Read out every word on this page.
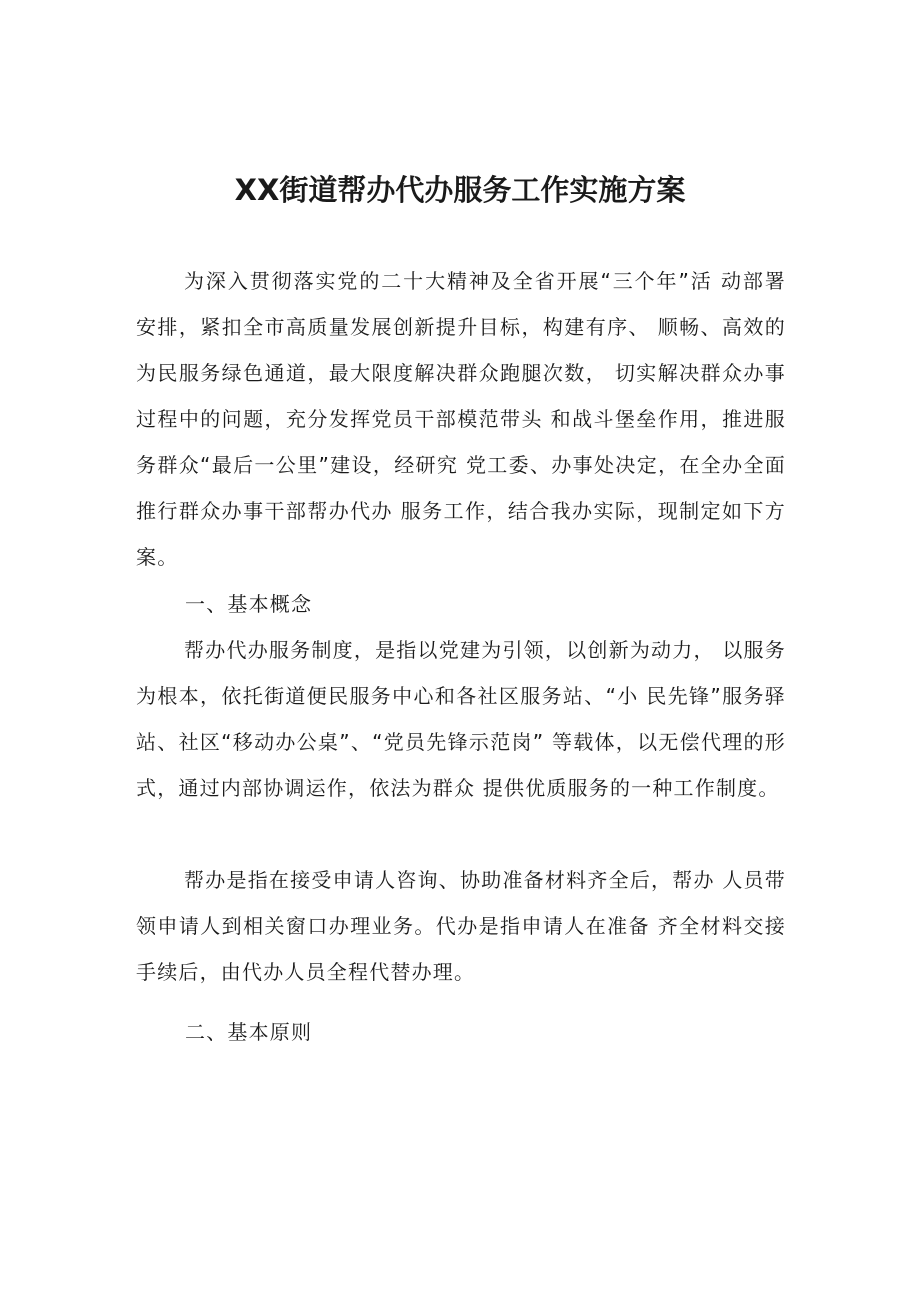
XX街道帮办代办服务工作实施方案

为深入贯彻落实党的二十大精神及全省开展“三个年”活 动部署安排，紧扣全市高质量发展创新提升目标，构建有序、 顺畅、高效的为民服务绿色通道，最大限度解决群众跑腿次数， 切实解决群众办事过程中的问题，充分发挥党员干部模范带头 和战斗堡垒作用，推进服务群众“最后一公里”建设，经研究 党工委、办事处决定，在全办全面推行群众办事干部帮办代办 服务工作，结合我办实际，现制定如下方案。

一、基本概念

帮办代办服务制度，是指以党建为引领，以创新为动力， 以服务为根本，依托街道便民服务中心和各社区服务站、“小 民先锋”服务驿站、社区“移动办公桌”、“党员先锋示范岗” 等载体，以无偿代理的形式，通过内部协调运作，依法为群众 提供优质服务的一种工作制度。

帮办是指在接受申请人咨询、协助准备材料齐全后，帮办 人员带领申请人到相关窗口办理业务。代办是指申请人在准备 齐全材料交接手续后，由代办人员全程代替办理。

二、基本原则
